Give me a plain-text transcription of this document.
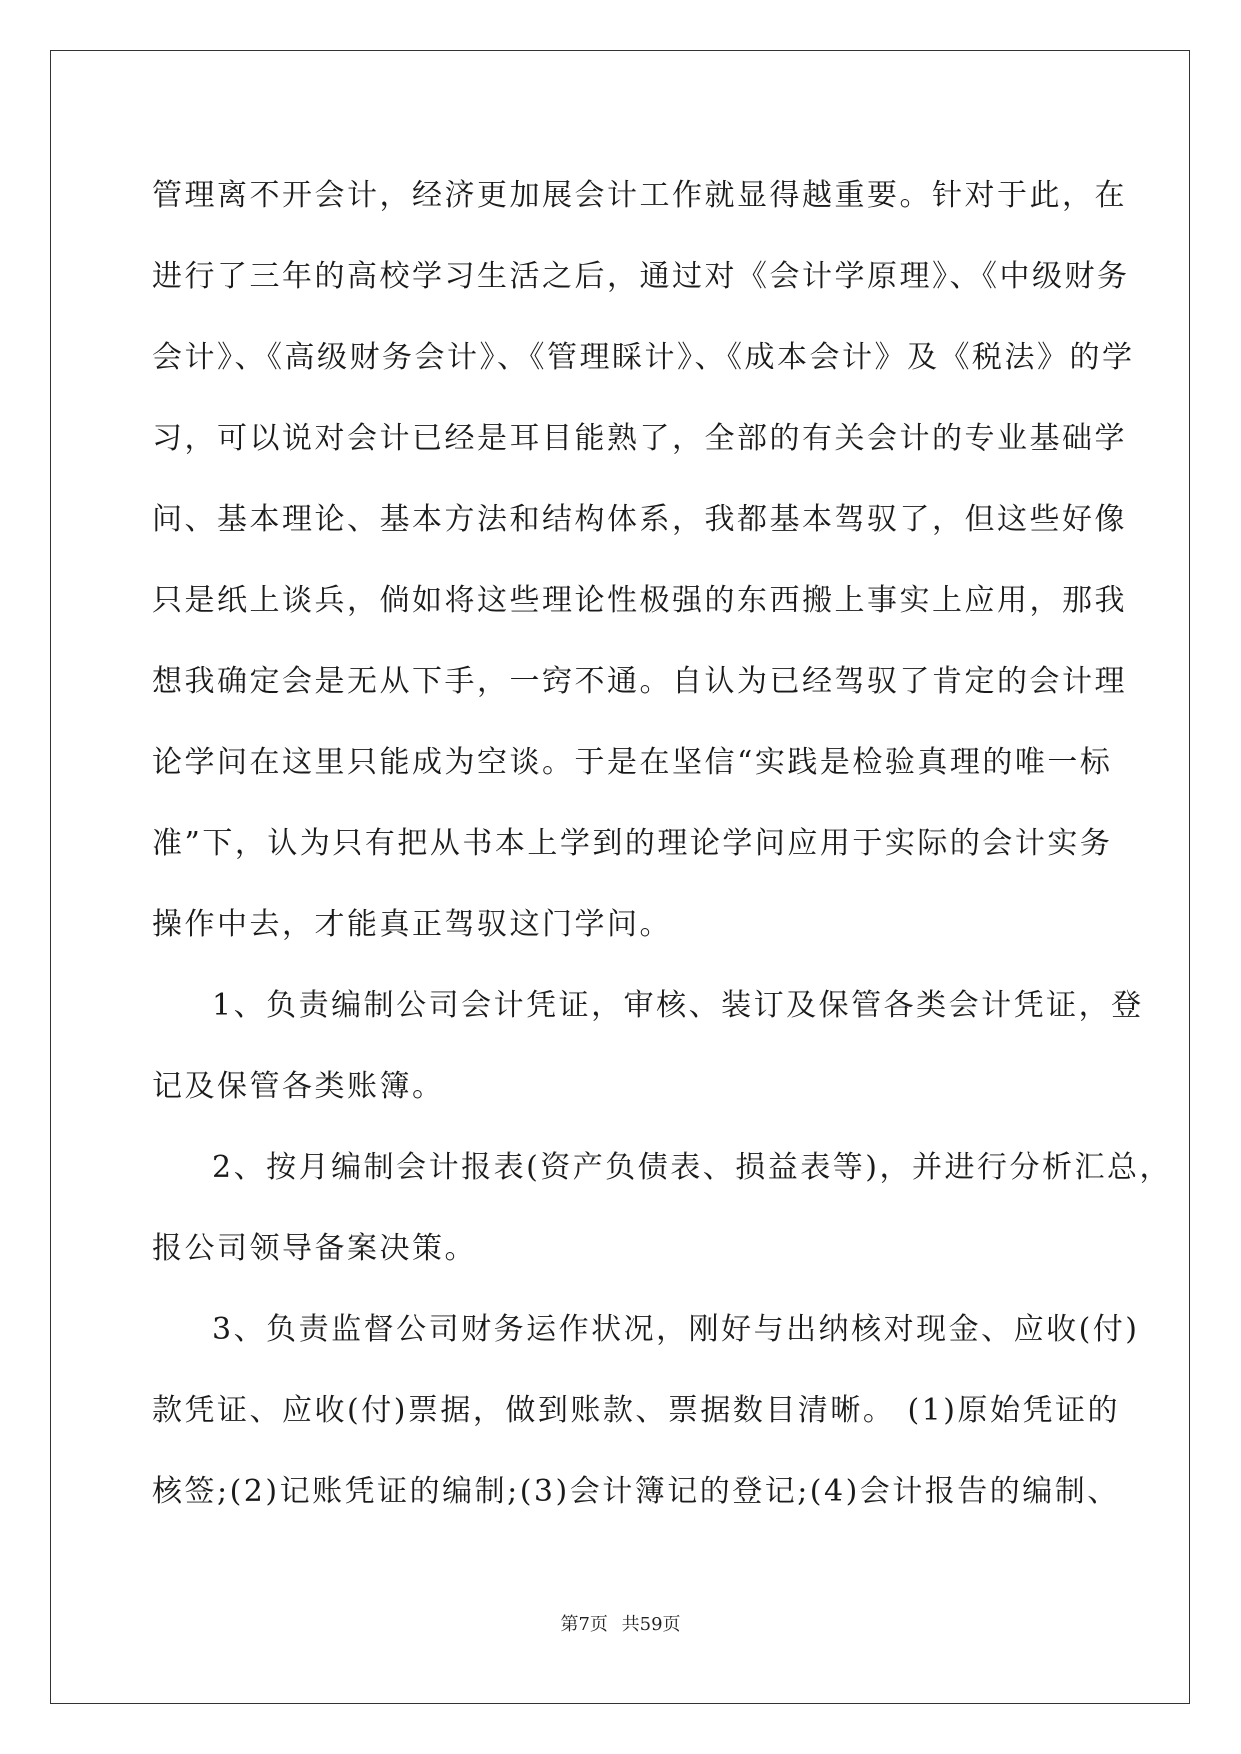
管理离不开会计，经济更加展会计工作就显得越重要。针对于此，在
进行了三年的高校学习生活之后，通过对《会计学原理》、《中级财务
会计》、《高级财务会计》、《管理睬计》、《成本会计》及《税法》的学
习，可以说对会计已经是耳目能熟了，全部的有关会计的专业基础学
问、基本理论、基本方法和结构体系，我都基本驾驭了，但这些好像
只是纸上谈兵，倘如将这些理论性极强的东西搬上事实上应用，那我
想我确定会是无从下手，一窍不通。自认为已经驾驭了肯定的会计理
论学问在这里只能成为空谈。于是在坚信“实践是检验真理的唯一标
准”下，认为只有把从书本上学到的理论学问应用于实际的会计实务
操作中去，才能真正驾驭这门学问。
1、负责编制公司会计凭证，审核、装订及保管各类会计凭证，登
记及保管各类账簿。
2、按月编制会计报表(资产负债表、损益表等)，并进行分析汇总，
报公司领导备案决策。
3、负责监督公司财务运作状况，刚好与出纳核对现金、应收(付)
款凭证、应收(付)票据，做到账款、票据数目清晰。 (1)原始凭证的
核签;(2)记账凭证的编制;(3)会计簿记的登记;(4)会计报告的编制、
第7页 共59页
